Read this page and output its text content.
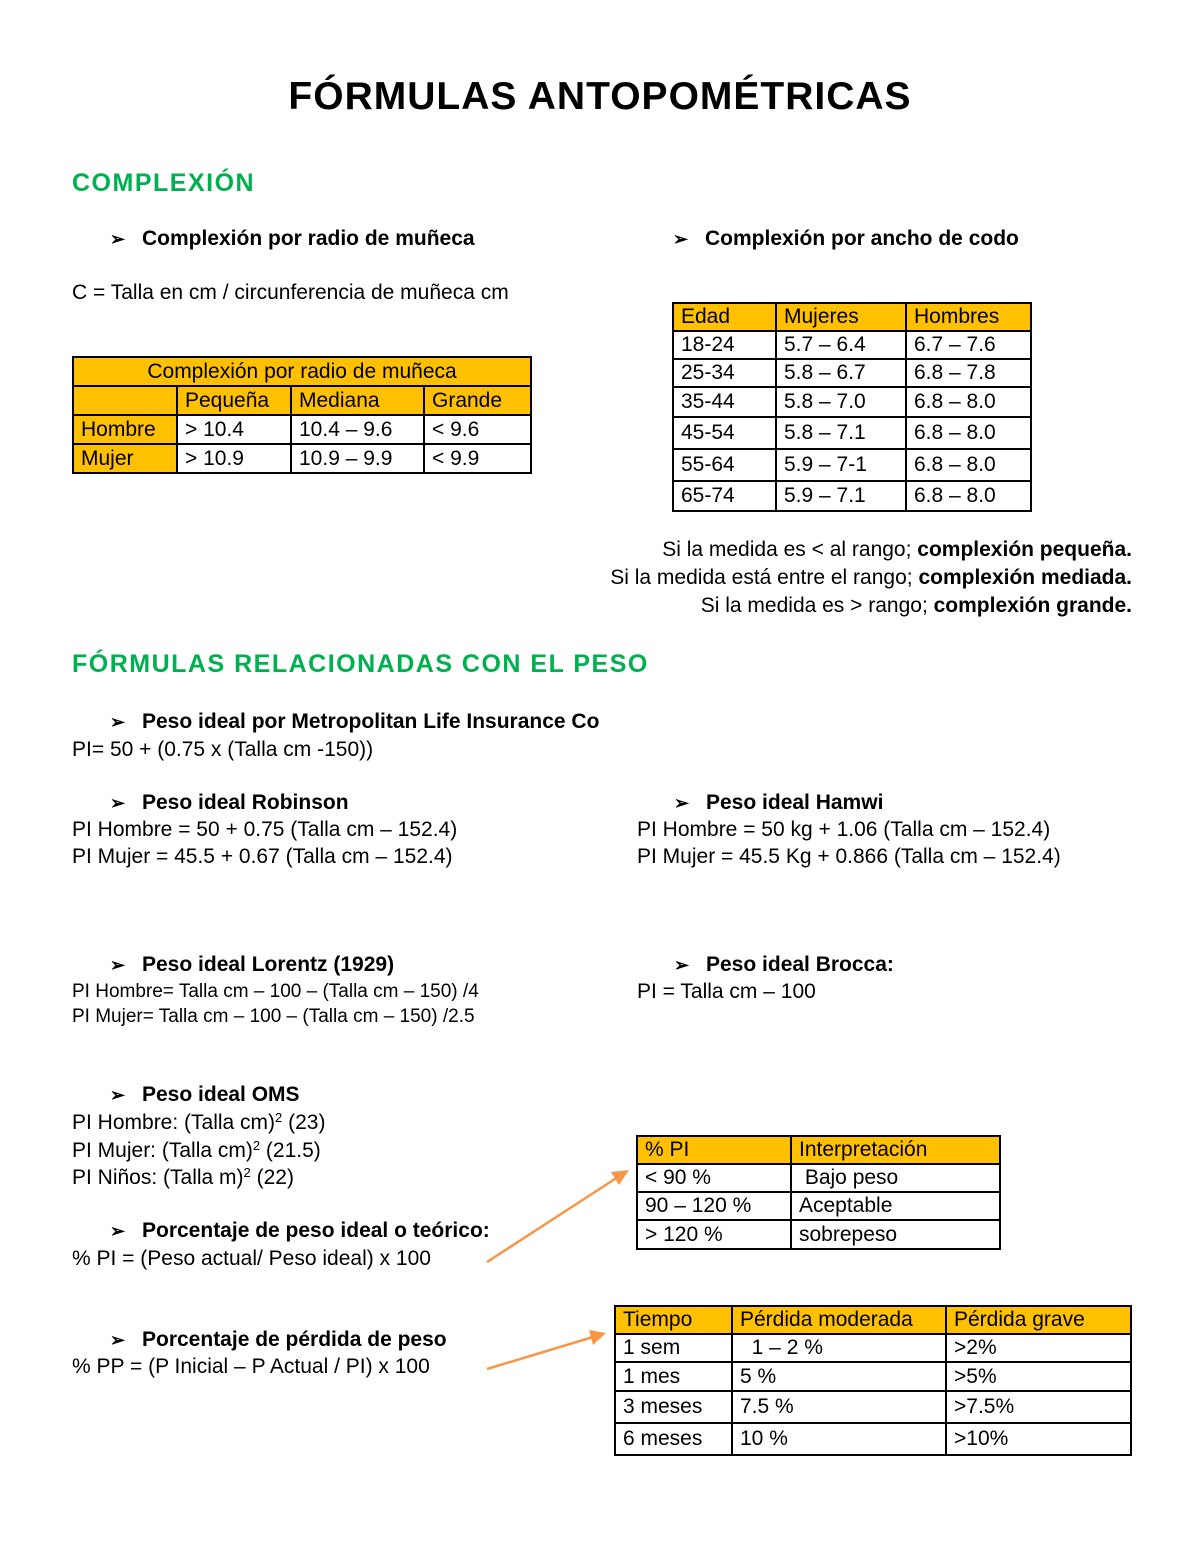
FÓRMULAS ANTOPOMÉTRICAS
COMPLEXIÓN
➢ Complexión por radio de muñeca	➢ Complexión por ancho de codo
C = Talla en cm / circunferencia de muñeca cm
Complexión por radio de muñeca			
	Pequeña	Mediana	Grande
Hombre	> 10.4	10.4 – 9.6	< 9.6
Mujer	> 10.9	10.9 – 9.9	< 9.9
Edad	Mujeres	Hombres
18-24	5.7 – 6.4	6.7 – 7.6
25-34	5.8 – 6.7	6.8 – 7.8
35-44	5.8 – 7.0	6.8 – 8.0
45-54	5.8 – 7.1	6.8 – 8.0
55-64	5.9 – 7-1	6.8 – 8.0
65-74	5.9 – 7.1	6.8 – 8.0
Si la medida es < al rango; complexión pequeña.
Si la medida está entre el rango; complexión mediada.
Si la medida es > rango; complexión grande.
FÓRMULAS RELACIONADAS CON EL PESO
➢ Peso ideal por Metropolitan Life Insurance Co
PI= 50 + (0.75 x (Talla cm -150))
➢ Peso ideal Robinson
PI Hombre = 50 + 0.75 (Talla cm – 152.4)
PI Mujer = 45.5 + 0.67 (Talla cm – 152.4)
➢ Peso ideal Hamwi
PI Hombre = 50 kg + 1.06 (Talla cm – 152.4)
PI Mujer = 45.5 Kg + 0.866 (Talla cm – 152.4)
➢ Peso ideal Lorentz (1929)
PI Hombre= Talla cm – 100 – (Talla cm – 150) /4
PI Mujer= Talla cm – 100 – (Talla cm – 150) /2.5
➢ Peso ideal Brocca:
PI = Talla cm – 100
➢ Peso ideal OMS
PI Hombre: (Talla cm)$^2$ (23)
PI Mujer: (Talla cm)$^2$ (21.5)
PI Niños: (Talla m)$^2$ (22)
➢ Porcentaje de peso ideal o teórico:
% PI = (Peso actual/ Peso ideal) x 100
% PI	Interpretación
< 90 %	Bajo peso
90 – 120 %	Aceptable
> 120 %	sobrepeso
➢ Porcentaje de pérdida de peso
% PP = (P Inicial – P Actual / PI) x 100
Tiempo	Pérdida moderada	Pérdida grave
1 sem	1 – 2 %	>2%
1 mes	5 %	>5%
3 meses	7.5 %	>7.5%
6 meses	10 %	>10%
